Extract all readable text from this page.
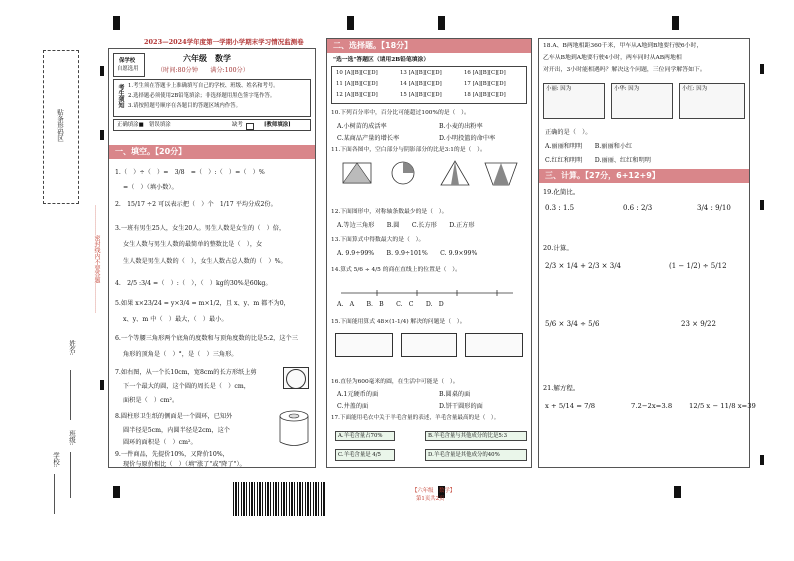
贴条形码区
……………密封线内不要答题……………
姓名:
班级:
学校:
2023—2024学年度第一学期小学期末学习情况监测卷
保学校
自愿选用
六年级　数学
（时间:80分钟　　满分:100分）
考生须知 1.考生须在答题卡上准确填写自己的学校、班级、姓名和考号。
2.选择题必须使用2B铅笔填涂；非选择题用黑色签字笔作答。
3.请按照题号顺序在各题目的答题区域内作答。
正确填涂■　错误填涂	缺考	[教师填涂]
一、填空。【20分】
1.（　）÷（　）=　3/8　=（　）:（　）=（　）%
=（　）（填小数）。
2.　15/17 ÷2 可以表示把（　）个　1/17 平均分成2份。
3.一班有男生25人，女生20人。男生人数是女生的（　）倍，
女生人数与男生人数的最简单的整数比是（　），女
生人数是男生人数的（　），女生人数占总人数的（　）%。
4.　2/5 :3/4 =（　）:（　），（　）kg的30%是60kg。
5.如果 x×23/24 = y×3/4 = m×1/2，且 x、y、m 都不为0，
x、y、m 中（　）最大，（　）最小。
6.一个等腰三角形两个底角的度数和与顶角度数的比是5:2，这个三
角形的顶角是（　）°，是（　）三角形。
7.如右图，从一个长10cm，宽8cm的长方形纸上剪
下一个最大的圆，这个圆的周长是（　）cm，
面积是（　）cm²。
8.圆柱形卫生纸的侧面是一个圆环，已知外
圆半径是5cm，内圆半径是2cm，这个
圆环的面积是（　）cm²。
9.一件商品，先提价10%，又降价10%，
现价与原价相比（　）（填"涨了"或"降了"）。
二、选择题。【18分】
"选一选"答题区（请用2B铅笔填涂）
10 [A][B][C][D]
11 [A][B][C][D]
12 [A][B][C][D]
13 [A][B][C][D]
14 [A][B][C][D]
15 [A][B][C][D]
16 [A][B][C][D]
17 [A][B][C][D]
18 [A][B][C][D]
10.下列百分率中，百分比可能超过100%的是（　）。
A.小树苗的成活率	B.小麦的出粉率
C.某商品产量的增长率	D.小明投篮的命中率
11.下面各图中，空白部分与阴影部分的比是3:1的是（　）。
12.下面图形中，对称轴条数最少的是（　）。
A.等边三角形　　B.圆　　C.长方形　　D.正方形
13.下面算式中得数最大的是（　）。
A. 9.9÷99%　　B. 9.9÷101%　　C. 9.9×99%
14.算式 5/6 ÷ 4/5 的商在直线上的位置是（　）。
A.　A　　B.　B　　C.　C　　D.　D
15.下面能用算式 48×(1-1/4) 解决的问题是（　）。
16.直径为600毫米的圆，在生活中可能是（　）。
A.1元硬币的面	B.圆桌的面
C.井盖的面	D.饼干圆形的面
17.下面能用毛衣中关于羊毛含量的表述，羊毛含量最高的是（　）。
A.羊毛含量占70%	B.羊毛含量与其他成分的比是5:3
C.羊毛含量是 4/5	D.羊毛含量是其他成分的40%
18.A、B两地相距360千米，甲车从A地到B地要行驶6小时，
乙车从B地到A地要行驶4小时，两车同时从AB两地相
对开出，3小时能相遇吗？解决这个问题，三位同学解答如下。
小丽: 因为	小华: 因为	小红: 因为
正确的是（　）。
A.丽丽和明明　　B.丽丽和小红
C.红红和明明　　D.丽丽、红红和明明
三、计算。【27分，6+12+9】
19.化简比。
0.3 : 1.5	0.6 : 2/3	3/4 : 9/10
20.计算。
2/3 × 1/4 + 2/3 × 3/4	(1 − 1/2) ÷ 5/12
5/6 × 3/4 ÷ 5/6	23 × 9/22
21.解方程。
x + 5/14 = 7/8	7.2−2x=3.8 12/5 x − 11/8 x=39
【六年级　数学】
第1页共2页
